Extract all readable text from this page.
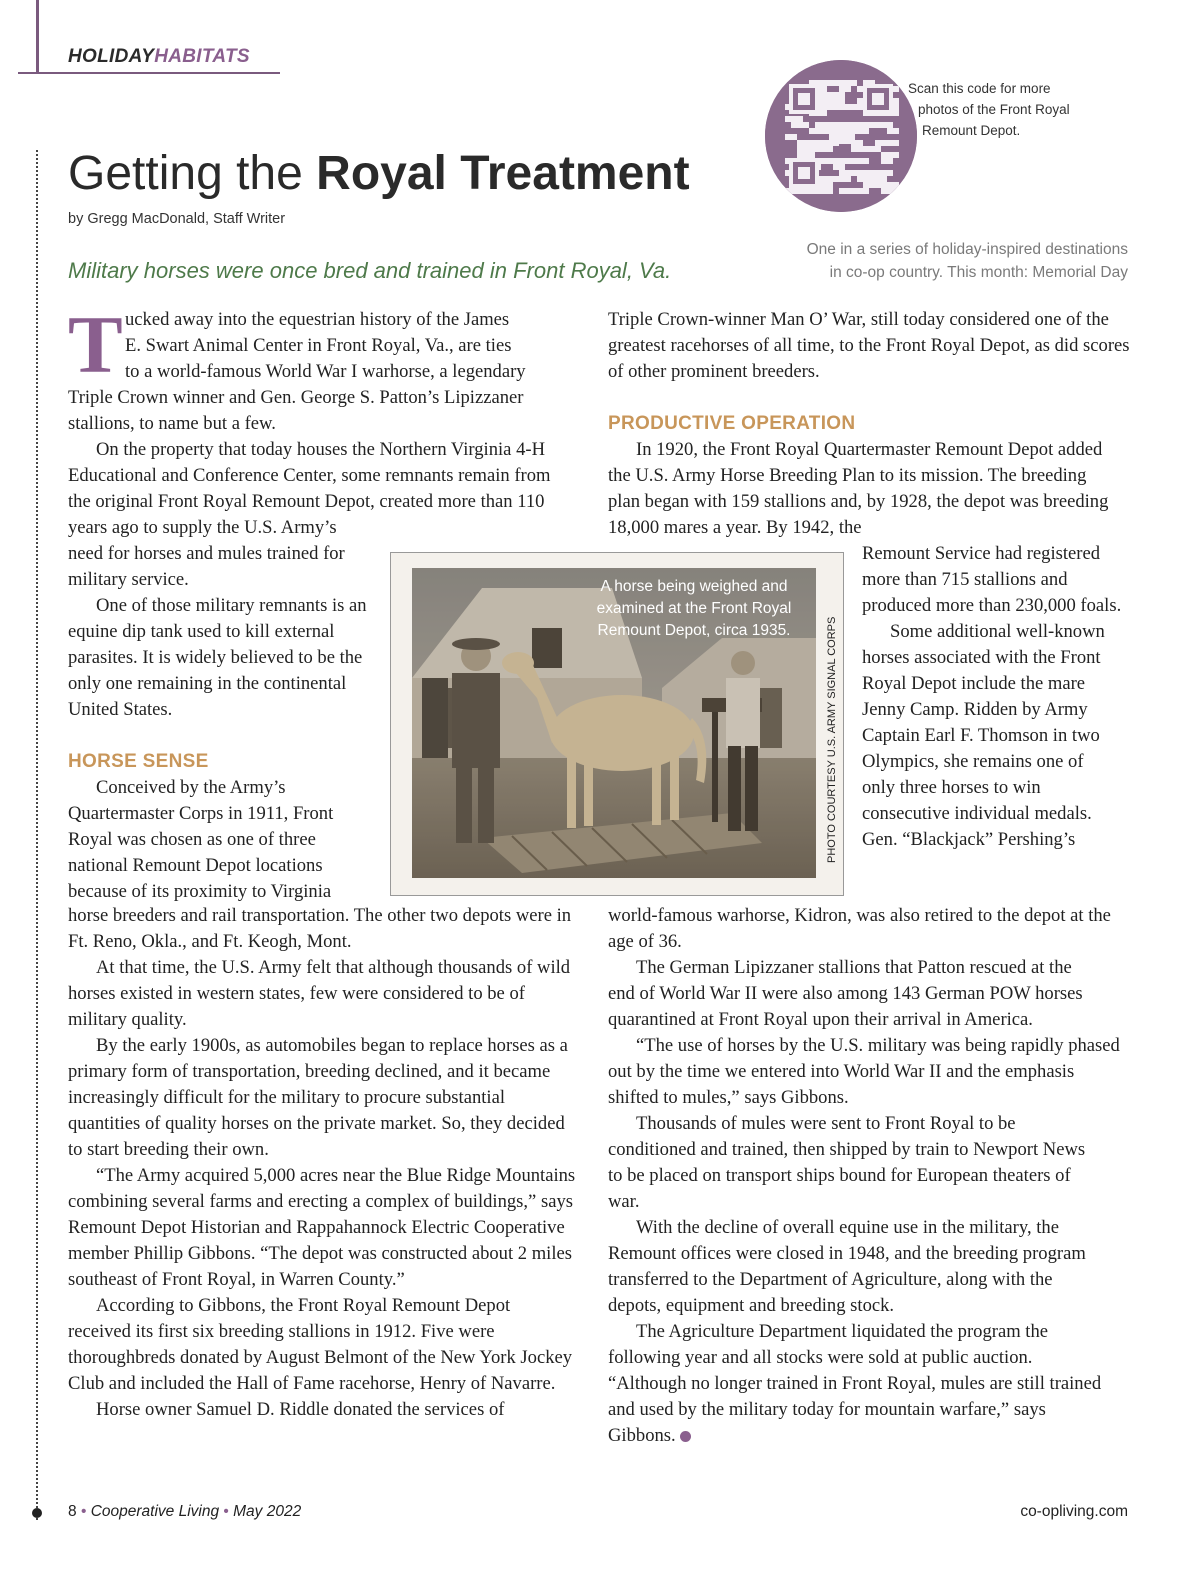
HOLIDAYHABITATS
Scan this code for more
photos of the Front Royal
Remount Depot.
Getting the Royal Treatment
by Gregg MacDonald, Staff Writer
One in a series of holiday-inspired destinations
in co-op country. This month: Memorial Day
Military horses were once bred and trained in Front Royal, Va.
T ucked away into the equestrian history of the James

E. Swart Animal Center in Front Royal, Va., are ties

to a world-famous World War I warhorse, a legendary

Triple Crown winner and Gen. George S. Patton’s Lipizzaner stallions, to name but a few.

On the property that today houses the Northern Virginia 4-H Educational and Conference Center, some remnants remain from the original Front Royal Remount Depot, created more than 110 years ago to supply the U.S. Army’s

need for horses and mules trained for military service.

One of those military remnants is an equine dip tank used to kill external parasites. It is widely believed to be the only one remaining in the continental United States.

HORSE SENSE

Conceived by the Army’s Quartermaster Corps in 1911, Front Royal was chosen as one of three national Remount Depot locations because of its proximity to Virginia

horse breeders and rail transportation. The other two depots were in Ft. Reno, Okla., and Ft. Keogh, Mont.

At that time, the U.S. Army felt that although thousands of wild horses existed in western states, few were considered to be of military quality.

By the early 1900s, as automobiles began to replace horses as a primary form of transportation, breeding declined, and it became increasingly difficult for the military to procure substantial quantities of quality horses on the private market. So, they decided to start breeding their own.

“The Army acquired 5,000 acres near the Blue Ridge Mountains combining several farms and erecting a complex of buildings,” says Remount Depot Historian and Rappahannock Electric Cooperative member Phillip Gibbons. “The depot was constructed about 2 miles southeast of Front Royal, in Warren County.”

According to Gibbons, the Front Royal Remount Depot received its first six breeding stallions in 1912. Five were thoroughbreds donated by August Belmont of the New York Jockey Club and included the Hall of Fame racehorse, Henry of Navarre.

Horse owner Samuel D. Riddle donated the services of

Triple Crown-winner Man O’ War, still today considered one of the greatest racehorses of all time, to the Front Royal Depot, as did scores of other prominent breeders.

PRODUCTIVE OPERATION

In 1920, the Front Royal Quartermaster Remount Depot added the U.S. Army Horse Breeding Plan to its mission. The breeding plan began with 159 stallions and, by 1928, the depot was breeding 18,000 mares a year. By 1942, the

Remount Service had registered more than 715 stallions and produced more than 230,000 foals.

Some additional well-known horses associated with the Front Royal Depot include the mare Jenny Camp. Ridden by Army Captain Earl F. Thomson in two Olympics, she remains one of only three horses to win consecutive individual medals. Gen. “Blackjack” Pershing’s

world-famous warhorse, Kidron, was also retired to the depot at the age of 36.

The German Lipizzaner stallions that Patton rescued at the end of World War II were also among 143 German POW horses quarantined at Front Royal upon their arrival in America.

“The use of horses by the U.S. military was being rapidly phased out by the time we entered into World War II and the emphasis shifted to mules,” says Gibbons.

Thousands of mules were sent to Front Royal to be conditioned and trained, then shipped by train to Newport News to be placed on transport ships bound for European theaters of war.

With the decline of overall equine use in the military, the Remount offices were closed in 1948, and the breeding program transferred to the Department of Agriculture, along with the depots, equipment and breeding stock.

The Agriculture Department liquidated the program the following year and all stocks were sold at public auction. “Although no longer trained in Front Royal, mules are still trained and used by the military today for mountain warfare,” says Gibbons.

A horse being weighed and
examined at the Front Royal
Remount Depot, circa 1935.	PHOTO COURTESY U.S. ARMY SIGNAL CORPS
8 • Cooperative Living • May 2022	co-opliving.com
